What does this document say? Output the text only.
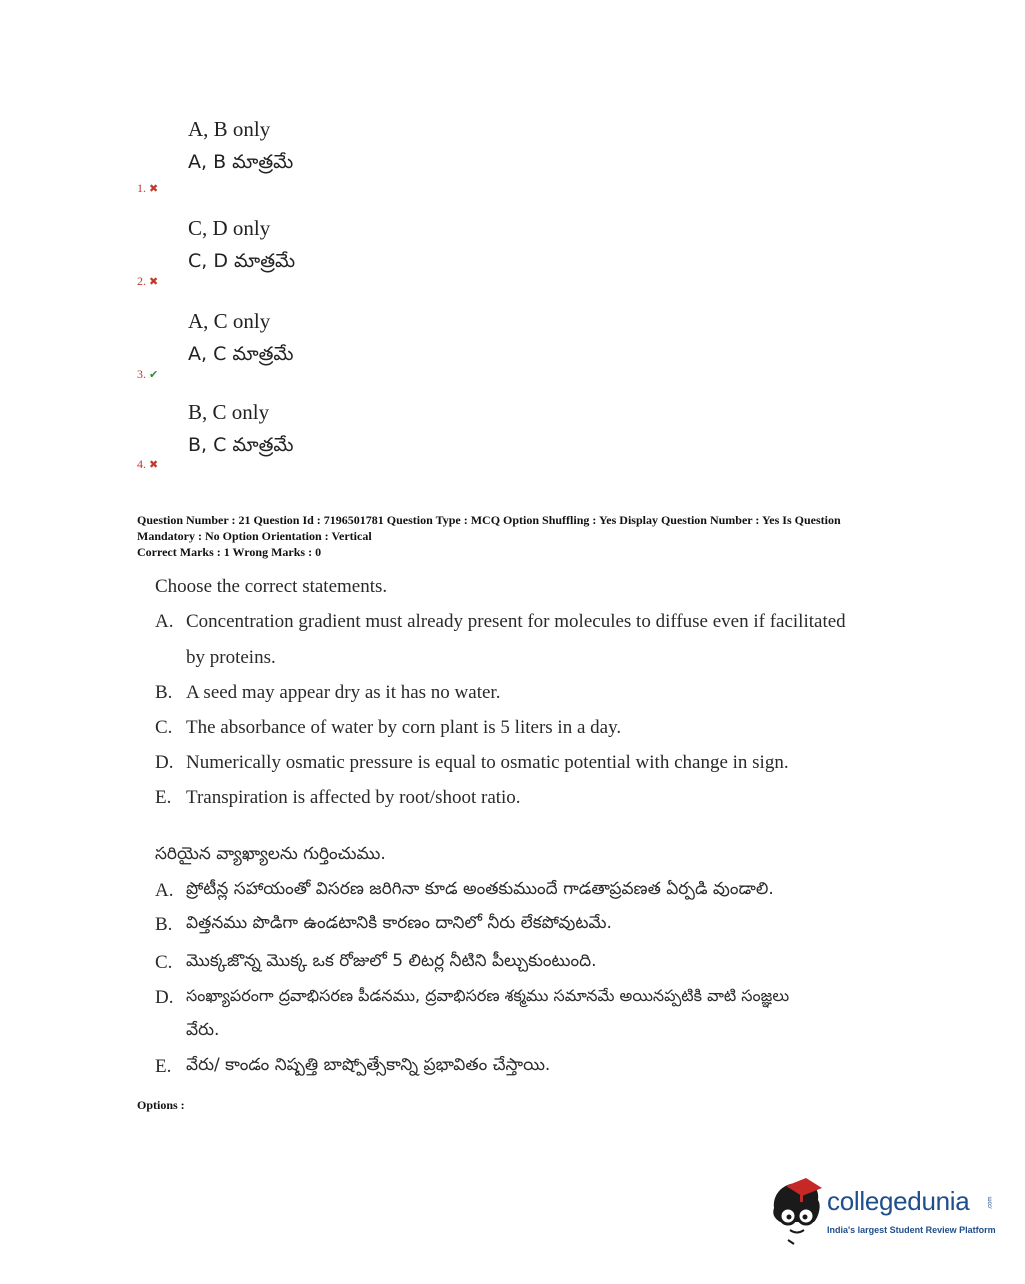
A, B only
A, B మాత్రమే
1. ✖
C, D only
C, D మాత్రమే
2. ✖
A, C only
A, C మాత్రమే
3. ✔
B, C only
B, C మాత్రమే
4. ✖
Question Number : 21 Question Id : 7196501781 Question Type : MCQ Option Shuffling : Yes Display Question Number : Yes Is Question
Mandatory : No Option Orientation : Vertical
Correct Marks : 1 Wrong Marks : 0
Choose the correct statements.
A. Concentration gradient must already present for molecules to diffuse even if facilitated
by proteins.
B. A seed may appear dry as it has no water.
C. The absorbance of water by corn plant is 5 liters in a day.
D. Numerically osmatic pressure is equal to osmatic potential with change in sign.
E. Transpiration is affected by root/shoot ratio.
సరియైన వ్యాఖ్యాలను గుర్తించుము.
A. ప్రోటీన్ల సహాయంతో విసరణ జరిగినా కూడ అంతకుముందే గాడతాప్రవణత ఏర్పడి వుండాలి.
B. విత్తనము పొడిగా ఉండటానికి కారణం దానిలో నీరు లేకపోవుటమే.
C. మొక్కజొన్న మొక్క ఒక రోజులో 5 లిటర్ల నీటిని పీల్చుకుంటుంది.
D. సంఖ్యాపరంగా ద్రవాభిసరణ పీడనము, ద్రవాభిసరణ శక్మము సమానమే అయినప్పటికి వాటి సంజ్ఞలు
వేరు.
E. వేరు/ కాండం నిష్పత్తి బాష్పోత్సేకాన్ని ప్రభావితం చేస్తాయి.
Options :
collegedunia	.com
India's largest Student Review Platform
